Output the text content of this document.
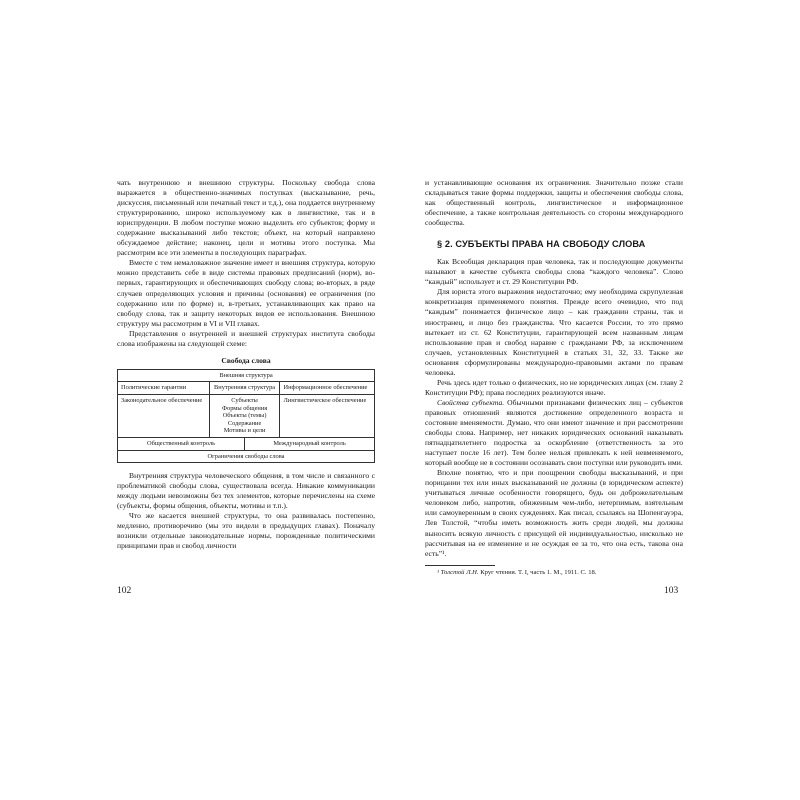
чать внутреннюю и внешнюю структуры. Поскольку свобода слова выражается в общественно-значимых поступках (высказывание, речь, дискуссия, письменный или печатный текст и т.д.), она поддается внутреннему структурированию, широко используемому как в лингвистике, так и в юриспруденции. В любом поступке можно выделить его субъектов; форму и содержание высказываний либо текстов; объект, на который направлено обсуждаемое действие; наконец, цели и мотивы этого поступка. Мы рассмотрим все эти элементы в последующих параграфах.

Вместе с тем немаловажное значение имеет и внешняя структура, которую можно представить себе в виде системы правовых предписаний (норм), во-первых, гарантирующих и обеспечивающих свободу слова; во-вторых, в ряде случаев определяющих условия и причины (основания) ее ограничения (по содержанию или по форме) и, в-третьих, устанавливающих как право на свободу слова, так и защиту некоторых видов ее использования. Внешнюю структуру мы рассмотрим в VI и VII главах.

Представления о внутренней и внешней структурах института свободы слова изображены на следующей схеме:

Свобода слова
Внешняя структура			
Политические гарантии	Внутренняя структура		Информационное обеспечение
Законодательное обеспечение	Субъекты
Формы общения
Объекты (темы)
Содержание
Мотивы и цели		Лингвистическое обеспечение
Общественный контроль		Международный контроль	
Ограничения свободы слова			

Внутренняя структура человеческого общения, в том числе и связанного с проблематикой свободы слова, существовала всегда. Никакие коммуникации между людьми невозможны без тех элементов, которые перечислены на схеме (субъекты, формы общения, объекты, мотивы и т.п.).

Что же касается внешней структуры, то она развивалась постепенно, медленно, противоречиво (мы это видели в предыдущих главах). Поначалу возникли отдельные законодательные нормы, порожденные политическими принципами прав и свобод личности

102

и устанавливающие основания их ограничения. Значительно позже стали складываться такие формы поддержки, защиты и обеспечения свободы слова, как общественный контроль, лингвистическое и информационное обеспечение, а также контрольная деятельность со стороны международного сообщества.

§ 2. СУБЪЕКТЫ ПРАВА НА СВОБОДУ СЛОВА

Как Всеобщая декларация прав человека, так и последующие документы называют в качестве субъекта свободы слова “каждого человека”. Слово “каждый” использует и ст. 29 Конституции РФ.

Для юриста этого выражения недостаточно; ему необходима скрупулезная конкретизация применяемого понятия. Прежде всего очевидно, что под “каждым” понимается физическое лицо – как гражданин страны, так и иностранец, и лицо без гражданства. Что касается России, то это прямо вытекает из ст. 62 Конституции, гарантирующей всем названным лицам использование прав и свобод наравне с гражданами РФ, за исключением случаев, установленных Конституцией в статьях 31, 32, 33. Также же основания сформулированы международно-правовыми актами по правам человека.

Речь здесь идет только о физических, но не юридических лицах (см. главу 2 Конституции РФ); права последних реализуются иначе.

Свойства субъекта. Обычными признаками физических лиц – субъектов правовых отношений являются достижение определенного возраста и состояние вменяемости. Думаю, что они имеют значение и при рассмотрении свободы слова. Например, нет никаких юридических оснований наказывать пятнадцатилетнего подростка за оскорбление (ответственность за это наступает после 16 лет). Тем более нельзя привлекать к ней невменяемого, который вообще не в состоянии осознавать свои поступки или руководить ими.

Вполне понятно, что и при поощрении свободы высказываний, и при порицании тех или иных высказываний не должны (в юридическом аспекте) учитываться личные особенности говорящего, будь он доброжелательным человеком либо, напротив, обиженным чем-либо, нетерпимым, взятельным или самоуверенным в своих суждениях. Как писал, ссылаясь на Шопенгауэра, Лев Толстой, “чтобы иметь возможность жить среди людей, мы должны выносить всякую личность с присущей ей индивидуальностью, нисколько не рассчитывая на ее изменение и не осуждая ее за то, что она есть, такова она есть”¹.

¹ Толстой Л.Н. Круг чтения. Т. I, часть 1. М., 1911. С. 18.

103
